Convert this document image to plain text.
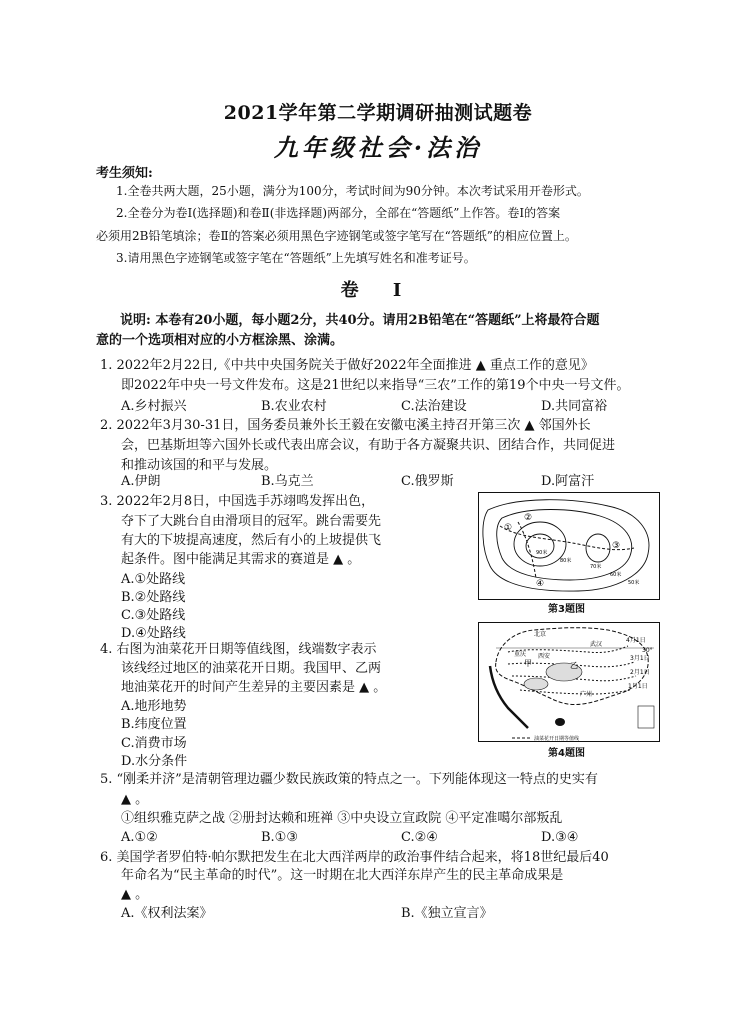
2021学年第二学期调研抽测试题卷
九年级社会·法治
考生须知:
1.全卷共两大题，25小题，满分为100分，考试时间为90分钟。本次考试采用开卷形式。
2.全卷分为卷Ⅰ(选择题)和卷Ⅱ(非选择题)两部分，全部在“答题纸”上作答。卷Ⅰ的答案
必须用2B铅笔填涂；卷Ⅱ的答案必须用黑色字迹钢笔或签字笔写在“答题纸”的相应位置上。
3.请用黑色字迹钢笔或签字笔在“答题纸”上先填写姓名和准考证号。
卷 Ⅰ
说明: 本卷有20小题，每小题2分，共40分。请用2B铅笔在“答题纸”上将最符合题
意的一个选项相对应的小方框涂黑、涂满。
1. 2022年2月22日,《中共中央国务院关于做好2022年全面推进 ▲ 重点工作的意见》
即2022年中央一号文件发布。这是21世纪以来指导“三农”工作的第19个中央一号文件。
A.乡村振兴	B.农业农村	C.法治建设	D.共同富裕
2. 2022年3月30-31日，国务委员兼外长王毅在安徽屯溪主持召开第三次 ▲ 邻国外长
会，巴基斯坦等六国外长或代表出席会议，有助于各方凝聚共识、团结合作，共同促进
和推动该国的和平与发展。
A.伊朗	B.乌克兰	C.俄罗斯	D.阿富汗
3. 2022年2月8日，中国选手苏翊鸣发挥出色，
夺下了大跳台自由滑项目的冠军。跳台需要先
有大的下坡提高速度，然后有小的上坡提供飞
起条件。图中能满足其需求的赛道是 ▲ 。
A.①处路线
B.②处路线
C.③处路线
D.④处路线
①
②
③
④
90米
80米
70米
60米
50米
第3题图
4. 右图为油菜花开日期等值线图，线端数字表示
该线经过地区的油菜花开日期。我国甲、乙两
地油菜花开的时间产生差异的主要因素是 ▲ 。
A.地形地势
B.纬度位置
C.消费市场
D.水分条件
4月1日
3月1日
2月1日
1月1日
甲	乙
30°
北京
西安
武汉
重庆
广州
油菜花开日期等值线
第4题图
5. “刚柔并济”是清朝管理边疆少数民族政策的特点之一。下列能体现这一特点的史实有
▲ 。
①组织雅克萨之战 ②册封达赖和班禅 ③中央设立宣政院 ④平定准噶尔部叛乱
A.①②	B.①③	C.②④	D.③④
6. 美国学者罗伯特·帕尔默把发生在北大西洋两岸的政治事件结合起来，将18世纪最后40
年命名为“民主革命的时代”。这一时期在北大西洋东岸产生的民主革命成果是
▲ 。
A.《权利法案》	B.《独立宣言》
